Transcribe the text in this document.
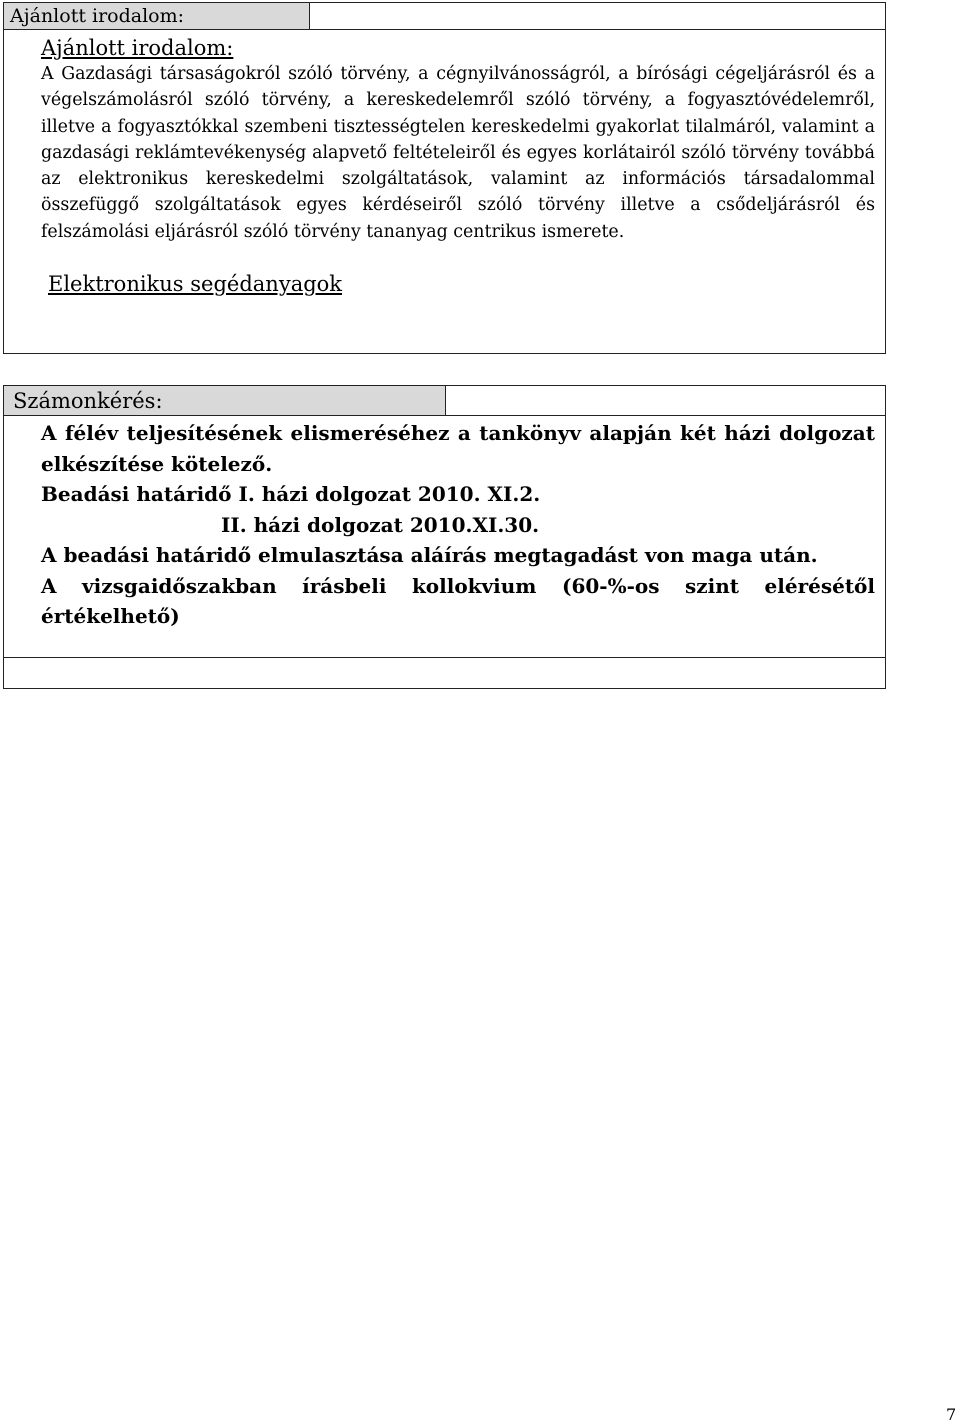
Ajánlott irodalom:
Ajánlott irodalom:
A Gazdasági társaságokról szóló törvény, a cégnyilvánosságról, a bírósági cégeljárásról és a végelszámolásról szóló törvény, a kereskedelemről szóló törvény, a fogyasztóvédelemről, illetve a fogyasztókkal szembeni tisztességtelen kereskedelmi gyakorlat tilalmáról, valamint a gazdasági reklámtevékenység alapvető feltételeiről és egyes korlátairól szóló törvény továbbá az elektronikus kereskedelmi szolgáltatások, valamint az információs társadalommal összefüggő szolgáltatások egyes kérdéseiről szóló törvény illetve a csődeljárásról és felszámolási eljárásról szóló törvény tananyag centrikus ismerete.
Elektronikus segédanyagok
Számonkérés:
A félév teljesítésének elismeréséhez a tankönyv alapján két házi dolgozat elkészítése kötelező.
Beadási határidő I. házi dolgozat 2010. XI.2.
II. házi dolgozat 2010.XI.30.
A beadási határidő elmulasztása aláírás megtagadást von maga után.
A vizsgaidőszakban írásbeli kollokvium (60-%-os szint elérésétől értékelhető)
7
